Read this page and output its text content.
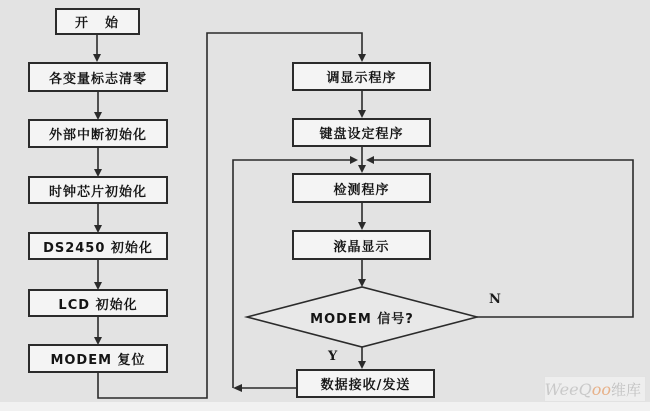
开　始
各变量标志清零
外部中断初始化
时钟芯片初始化
DS2450 初始化
LCD 初始化
MODEM 复位
调显示程序
键盘设定程序
检测程序
液晶显示
MODEM 信号?
N
Y
数据接收/发送	WeeQ oo 维库
